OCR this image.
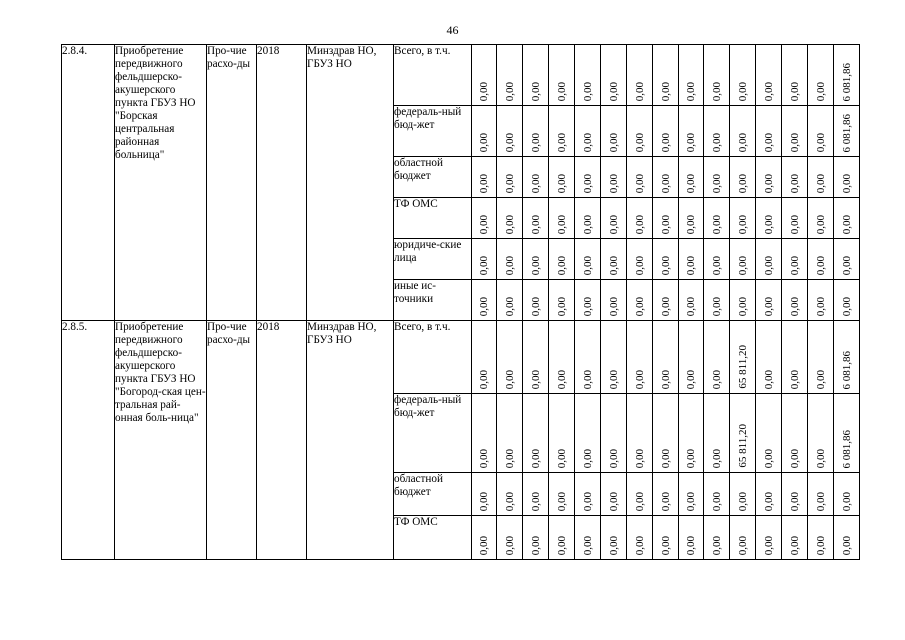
46
2.8.4.	Приобретение передвижного фельдшерско-акушерского пункта ГБУЗ НО "Борская центральная районная больница"	Про-чие расхо-ды	2018	Минздрав НО, ГБУЗ НО	Всего, в т.ч.	0,00	0,00	0,00	0,00	0,00	0,00	0,00	0,00	0,00	0,00	0,00	0,00	0,00	0,00	6 081,86

					федераль-ный бюд-жет	0,00	0,00	0,00	0,00	0,00	0,00	0,00	0,00	0,00	0,00	0,00	0,00	0,00	0,00	6 081,86

					областной бюджет	0,00	0,00	0,00	0,00	0,00	0,00	0,00	0,00	0,00	0,00	0,00	0,00	0,00	0,00	0,00

					ТФ ОМС	0,00	0,00	0,00	0,00	0,00	0,00	0,00	0,00	0,00	0,00	0,00	0,00	0,00	0,00	0,00

					юридиче-ские лица	0,00	0,00	0,00	0,00	0,00	0,00	0,00	0,00	0,00	0,00	0,00	0,00	0,00	0,00	0,00

					иные ис-точники	0,00	0,00	0,00	0,00	0,00	0,00	0,00	0,00	0,00	0,00	0,00	0,00	0,00	0,00	0,00

2.8.5.	Приобретение передвижного фельдшерско-акушерского пункта ГБУЗ НО "Богород-ская цен-тральная рай-онная боль-ница"	Про-чие расхо-ды	2018	Минздрав НО, ГБУЗ НО	Всего, в т.ч.	0,00	0,00	0,00	0,00	0,00	0,00	0,00	0,00	0,00	0,00	65 811,20	0,00	0,00	0,00	6 081,86

					федераль-ный бюд-жет	0,00	0,00	0,00	0,00	0,00	0,00	0,00	0,00	0,00	0,00	65 811,20	0,00	0,00	0,00	6 081,86

					областной бюджет	0,00	0,00	0,00	0,00	0,00	0,00	0,00	0,00	0,00	0,00	0,00	0,00	0,00	0,00	0,00

					ТФ ОМС	0,00	0,00	0,00	0,00	0,00	0,00	0,00	0,00	0,00	0,00	0,00	0,00	0,00	0,00	0,00
